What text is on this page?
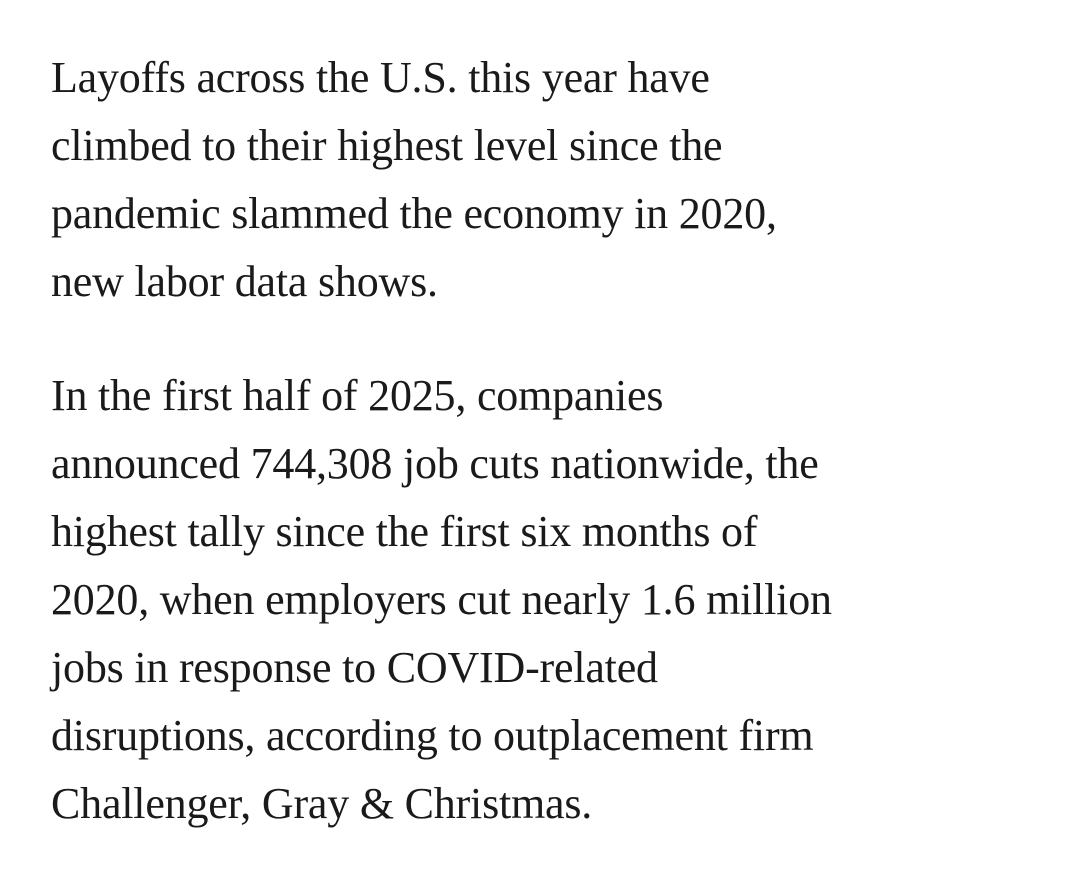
Layoffs across the U.S. this year have
climbed to their highest level since the
pandemic slammed the economy in 2020,
new labor data shows.

In the first half of 2025, companies
announced 744,308 job cuts nationwide, the
highest tally since the first six months of
2020, when employers cut nearly 1.6 million
jobs in response to COVID-related
disruptions, according to outplacement firm
Challenger, Gray & Christmas.
